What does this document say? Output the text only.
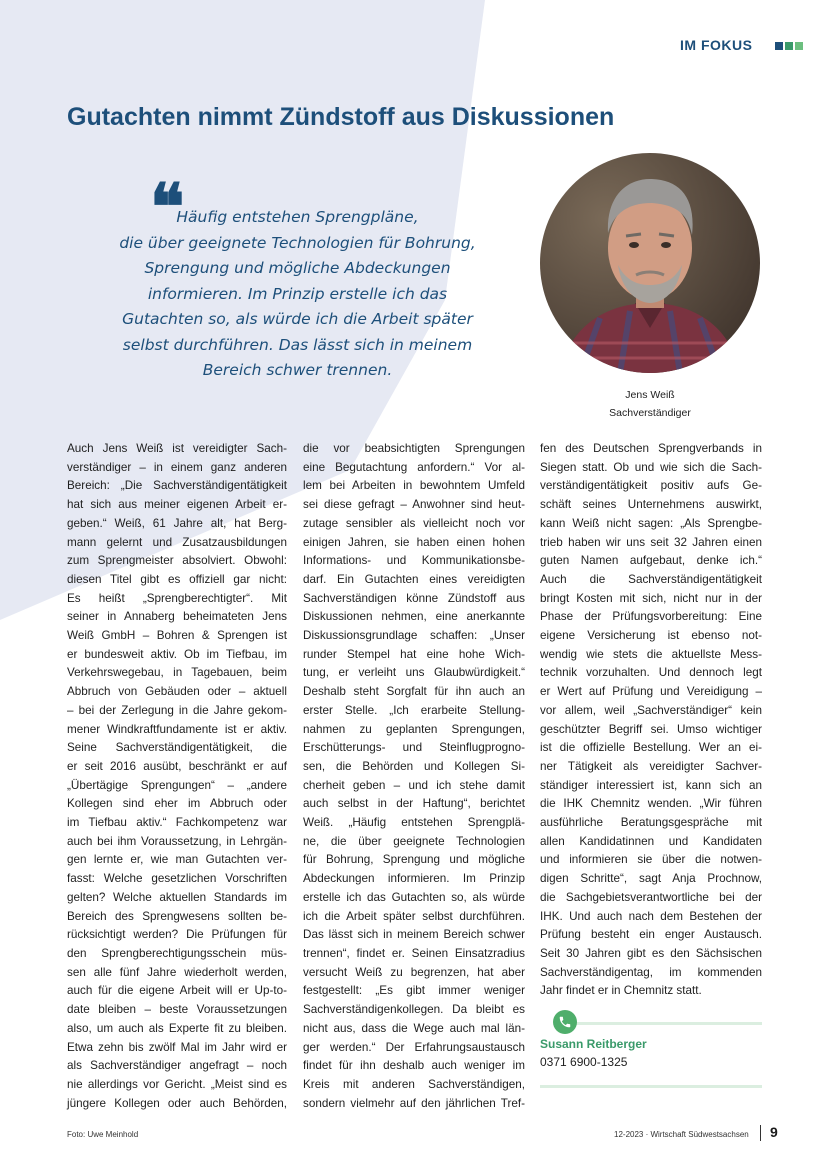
IM FOKUS
Gutachten nimmt Zündstoff aus Diskussionen
❝
Häufig entstehen Sprengpläne,
die über geeignete Technologien für Bohrung,
Sprengung und mögliche Abdeckungen
informieren. Im Prinzip erstelle ich das
Gutachten so, als würde ich die Arbeit später
selbst durchführen. Das lässt sich in meinem
Bereich schwer trennen.
Jens Weiß
Sachverständiger
Auch Jens Weiß ist vereidigter Sach-
verständiger – in einem ganz anderen
Bereich: „Die Sachverständigentätigkeit
hat sich aus meiner eigenen Arbeit er-
geben.“ Weiß, 61 Jahre alt, hat Berg-
mann gelernt und Zusatzausbildungen
zum Sprengmeister absolviert. Obwohl:
diesen Titel gibt es offiziell gar nicht:
Es heißt „Sprengberechtigter“. Mit
seiner in Annaberg beheimateten Jens
Weiß GmbH – Bohren & Sprengen ist
er bundesweit aktiv. Ob im Tiefbau, im
Verkehrswegebau, in Tagebauen, beim
Abbruch von Gebäuden oder – aktuell
– bei der Zerlegung in die Jahre gekom-
mener Windkraftfundamente ist er aktiv.
Seine Sachverständigentätigkeit, die
er seit 2016 ausübt, beschränkt er auf
„Übertägige Sprengungen“ – „andere
Kollegen sind eher im Abbruch oder
im Tiefbau aktiv.“ Fachkompetenz war
auch bei ihm Voraussetzung, in Lehrgän-
gen lernte er, wie man Gutachten ver-
fasst: Welche gesetzlichen Vorschriften
gelten? Welche aktuellen Standards im
Bereich des Sprengwesens sollten be-
rücksichtigt werden? Die Prüfungen für
den Sprengberechtigungsschein müs-
sen alle fünf Jahre wiederholt werden,
auch für die eigene Arbeit will er Up-to-
date bleiben – beste Voraussetzungen
also, um auch als Experte fit zu bleiben.
Etwa zehn bis zwölf Mal im Jahr wird er
als Sachverständiger angefragt – noch
nie allerdings vor Gericht. „Meist sind es
jüngere Kollegen oder auch Behörden,
die vor beabsichtigten Sprengungen
eine Begutachtung anfordern.“ Vor al-
lem bei Arbeiten in bewohntem Umfeld
sei diese gefragt – Anwohner sind heut-
zutage sensibler als vielleicht noch vor
einigen Jahren, sie haben einen hohen
Informations- und Kommunikationsbe-
darf. Ein Gutachten eines vereidigten
Sachverständigen könne Zündstoff aus
Diskussionen nehmen, eine anerkannte
Diskussionsgrundlage schaffen: „Unser
runder Stempel hat eine hohe Wich-
tung, er verleiht uns Glaubwürdigkeit.“
Deshalb steht Sorgfalt für ihn auch an
erster Stelle. „Ich erarbeite Stellung-
nahmen zu geplanten Sprengungen,
Erschütterungs- und Steinflugprogno-
sen, die Behörden und Kollegen Si-
cherheit geben – und ich stehe damit
auch selbst in der Haftung“, berichtet
Weiß. „Häufig entstehen Sprengplä-
ne, die über geeignete Technologien
für Bohrung, Sprengung und mögliche
Abdeckungen informieren. Im Prinzip
erstelle ich das Gutachten so, als würde
ich die Arbeit später selbst durchführen.
Das lässt sich in meinem Bereich schwer
trennen“, findet er. Seinen Einsatzradius
versucht Weiß zu begrenzen, hat aber
festgestellt: „Es gibt immer weniger
Sachverständigenkollegen. Da bleibt es
nicht aus, dass die Wege auch mal län-
ger werden.“ Der Erfahrungsaustausch
findet für ihn deshalb auch weniger im
Kreis mit anderen Sachverständigen,
sondern vielmehr auf den jährlichen Tref-
fen des Deutschen Sprengverbands in
Siegen statt. Ob und wie sich die Sach-
verständigentätigkeit positiv aufs Ge-
schäft seines Unternehmens auswirkt,
kann Weiß nicht sagen: „Als Sprengbe-
trieb haben wir uns seit 32 Jahren einen
guten Namen aufgebaut, denke ich.“
Auch die Sachverständigentätigkeit
bringt Kosten mit sich, nicht nur in der
Phase der Prüfungsvorbereitung: Eine
eigene Versicherung ist ebenso not-
wendig wie stets die aktuellste Mess-
technik vorzuhalten. Und dennoch legt
er Wert auf Prüfung und Vereidigung –
vor allem, weil „Sachverständiger“ kein
geschützter Begriff sei. Umso wichtiger
ist die offizielle Bestellung. Wer an ei-
ner Tätigkeit als vereidigter Sachver-
ständiger interessiert ist, kann sich an
die IHK Chemnitz wenden. „Wir führen
ausführliche Beratungsgespräche mit
allen Kandidatinnen und Kandidaten
und informieren sie über die notwen-
digen Schritte“, sagt Anja Prochnow,
die Sachgebietsverantwortliche bei der
IHK. Und auch nach dem Bestehen der
Prüfung besteht ein enger Austausch.
Seit 30 Jahren gibt es den Sächsischen
Sachverständigentag, im kommenden
Jahr findet er in Chemnitz statt.
Susann Reitberger
0371 6900-1325
Foto: Uwe Meinhold	12-2023 · Wirtschaft Südwestsachsen 9
